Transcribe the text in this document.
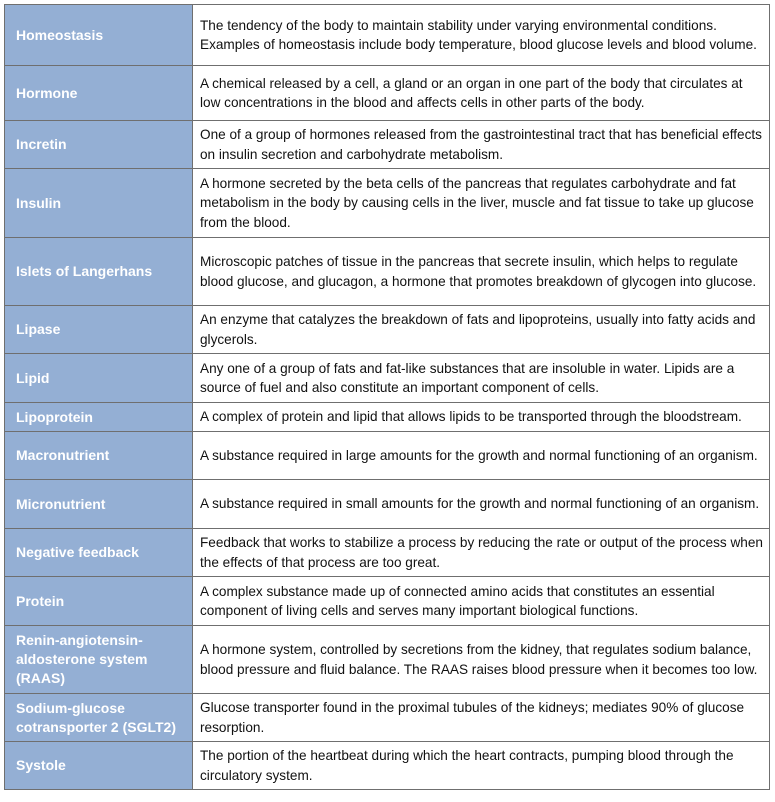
Homeostasis	The tendency of the body to maintain stability under varying environmental conditions. Examples of homeostasis include body temperature, blood glucose levels and blood volume.
Hormone	A chemical released by a cell, a gland or an organ in one part of the body that circulates at low concentrations in the blood and affects cells in other parts of the body.
Incretin	One of a group of hormones released from the gastrointestinal tract that has beneficial effects on insulin secretion and carbohydrate metabolism.
Insulin	A hormone secreted by the beta cells of the pancreas that regulates carbohydrate and fat metabolism in the body by causing cells in the liver, muscle and fat tissue to take up glucose from the blood.
Islets of Langerhans	Microscopic patches of tissue in the pancreas that secrete insulin, which helps to regulate blood glucose, and glucagon, a hormone that promotes breakdown of glycogen into glucose.
Lipase	An enzyme that catalyzes the breakdown of fats and lipoproteins, usually into fatty acids and glycerols.
Lipid	Any one of a group of fats and fat-like substances that are insoluble in water. Lipids are a source of fuel and also constitute an important component of cells.
Lipoprotein	A complex of protein and lipid that allows lipids to be transported through the bloodstream.
Macronutrient	A substance required in large amounts for the growth and normal functioning of an organism.
Micronutrient	A substance required in small amounts for the growth and normal functioning of an organism.
Negative feedback	Feedback that works to stabilize a process by reducing the rate or output of the process when the effects of that process are too great.
Protein	A complex substance made up of connected amino acids that constitutes an essential component of living cells and serves many important biological functions.
Renin-angiotensin-aldosterone system (RAAS)	A hormone system, controlled by secretions from the kidney, that regulates sodium balance, blood pressure and fluid balance. The RAAS raises blood pressure when it becomes too low.
Sodium-glucose cotransporter 2 (SGLT2)	Glucose transporter found in the proximal tubules of the kidneys; mediates 90% of glucose resorption.
Systole	The portion of the heartbeat during which the heart contracts, pumping blood through the circulatory system.
